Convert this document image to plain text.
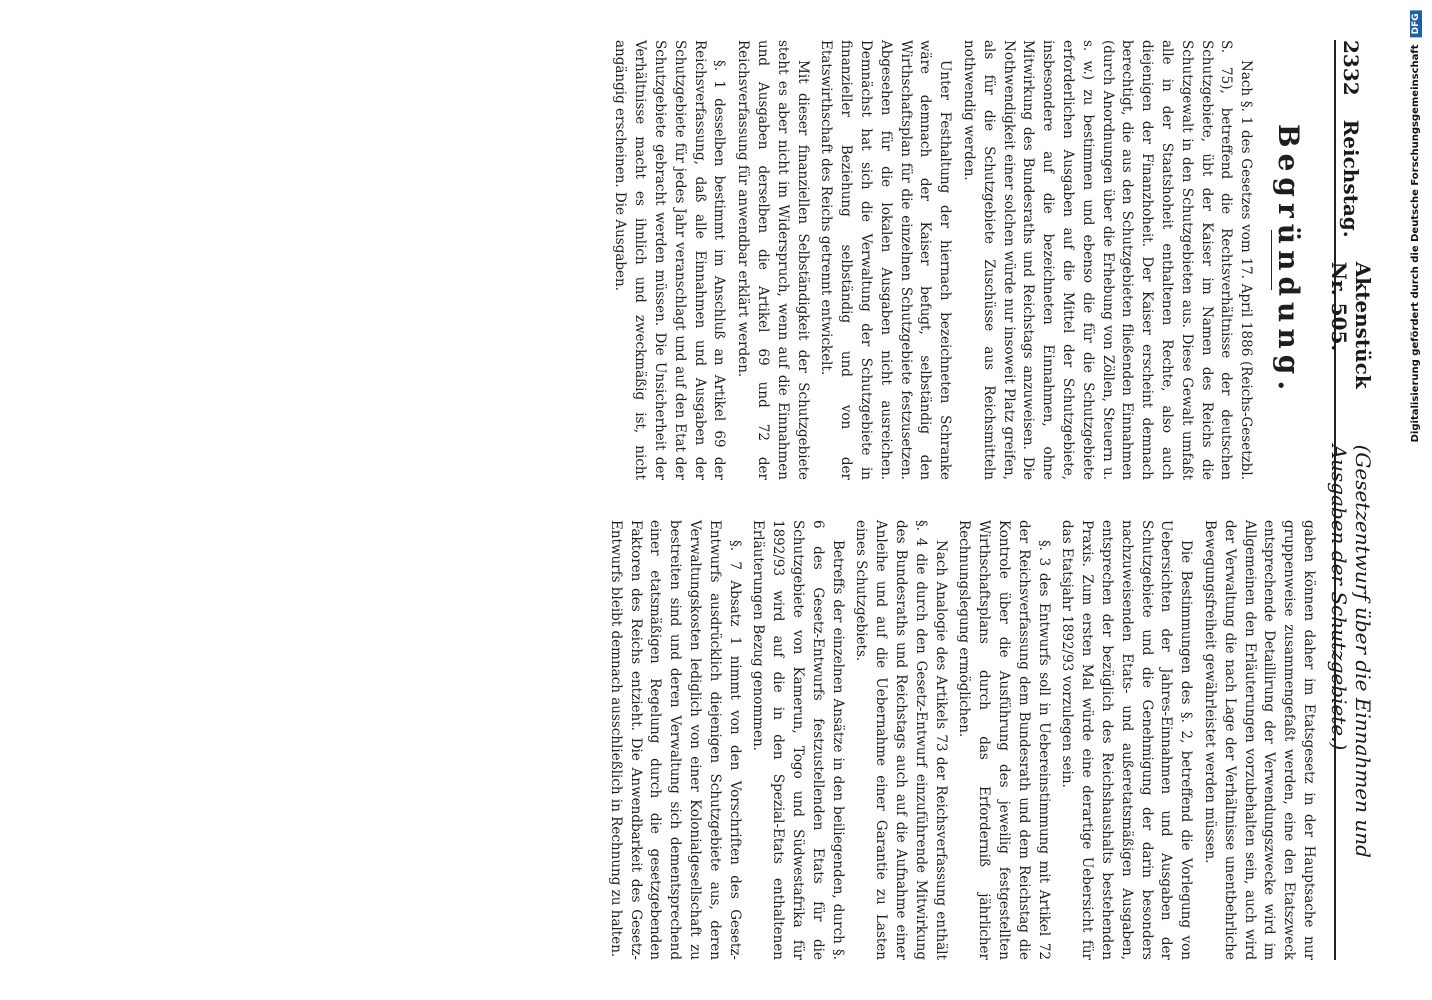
2332
Reichstag.
Aktenstück Nr. 505.
(Gesetzentwurf über die Einnahmen und Ausgaben der Schutzgebiete.)
Begründung.

Nach §. 1 des Gesetzes vom 17. April 1886 (Reichs-Gesetzbl. S. 75), betreffend die Rechtsverhältnisse der deutschen Schutzgebiete, übt der Kaiser im Namen des Reichs die Schutzgewalt in den Schutzgebieten aus. Diese Gewalt umfaßt alle in der Staatshoheit enthaltenen Rechte, also auch diejenigen der Finanzhoheit. Der Kaiser erscheint demnach berechtigt, die aus den Schutzgebieten fließenden Einnahmen (durch Anordnungen über die Erhebung von Zöllen, Steuern u. s. w.) zu bestimmen und ebenso die für die Schutzgebiete erforderlichen Ausgaben auf die Mittel der Schutzgebiete, insbesondere auf die bezeichneten Einnahmen, ohne Mitwirkung des Bundesraths und Reichstags anzuweisen. Die Nothwendigkeit einer solchen würde nur insoweit Platz greifen, als für die Schutzgebiete Zuschüsse aus Reichsmitteln nothwendig werden.

Unter Festhaltung der hiernach bezeichneten Schranke wäre demnach der Kaiser befugt, selbständig den Wirthschaftsplan für die einzelnen Schutzgebiete festzusetzen. Abgesehen für die lokalen Ausgaben nicht ausreichen. Demnächst hat sich die Verwaltung der Schutzgebiete in finanzieller Beziehung selbständig und von der Etatswirthschaft des Reichs getrennt entwickelt.

Mit dieser finanziellen Selbständigkeit der Schutzgebiete steht es aber nicht im Widerspruch, wenn auf die Einnahmen und Ausgaben derselben die Artikel 69 und 72 der Reichsverfassung für anwendbar erklärt werden.

§. 1 desselben bestimmt im Anschluß an Artikel 69 der Reichsverfassung, daß alle Einnahmen und Ausgaben der Schutzgebiete für jedes Jahr veranschlagt und auf den Etat der Schutzgebiete gebracht werden müssen. Die Unsicherheit der Verhältnisse macht es ihnlich und zweckmäßig ist, nicht angängig erscheinen. Die Ausgaben.

gaben können daher im Etatsgesetz in der Hauptsache nur gruppenweise zusammengefaßt werden, eine den Etatszweck entsprechende Detaillirung der Verwendungszwecke wird im Allgemeinen den Erläuterungen vorzubehalten sein, auch wird der Verwaltung die nach Lage der Verhältnisse unentbehrliche Bewegungsfreiheit gewährleistet werden müssen.

Die Bestimmungen des §. 2, betreffend die Vorlegung von Uebersichten der Jahres-Einnahmen und Ausgaben der Schutzgebiete und die Genehmigung der darin besonders nachzuweisenden Etats- und außeretatsmäßigen Ausgaben, entsprechen der bezüglich des Reichshaushalts bestehenden Praxis. Zum ersten Mal würde eine derartige Uebersicht für das Etatsjahr 1892/93 vorzulegen sein.

§. 3 des Entwurfs soll in Uebereinstimmung mit Artikel 72 der Reichsverfassung dem Bundesrath und dem Reichstag die Kontrole über die Ausführung des jeweilig festgestellten Wirthschaftsplans durch das Erforderniß jährlicher Rechnungslegung ermöglichen.

Nach Analogie des Artikels 73 der Reichsverfassung enthält §. 4 die durch den Gesetz-Entwurf einzuführende Mitwirkung des Bundesraths und Reichstags auch auf die Aufnahme einer Anleihe und auf die Uebernahme einer Garantie zu Lasten eines Schutzgebiets.

Betreffs der einzelnen Ansätze in den beiliegenden, durch §. 6 des Gesetz-Entwurfs festzustellenden Etats für die Schutzgebiete von Kamerun, Togo und Südwestafrika für 1892/93 wird auf die in den Spezial-Etats enthaltenen Erläuterungen Bezug genommen.

§. 7 Absatz 1 nimmt von den Vorschriften des Gesetz-Entwurfs ausdrücklich diejenigen Schutzgebiete aus, deren Verwaltungskosten lediglich von einer Kolonialgesellschaft zu bestreiten sind und deren Verwaltung sich dementsprechend einer etatsmäßigen Regelung durch die gesetzgebenden Faktoren des Reichs entzieht. Die Anwendbarkeit des Gesetz-Entwurfs bleibt demnach ausschließlich in Rechnung zu halten.

Digitalisierung gefördert durch die Deutsche Forschungsgemeinschaft DFG
